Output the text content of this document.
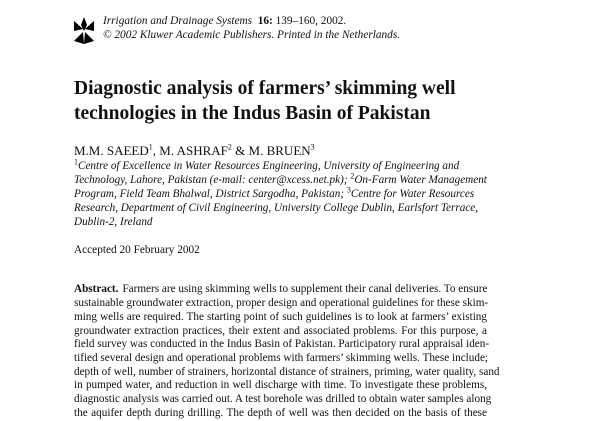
Irrigation and Drainage Systems 16: 139–160, 2002.
© 2002 Kluwer Academic Publishers. Printed in the Netherlands.
Diagnostic analysis of farmers’ skimming well
technologies in the Indus Basin of Pakistan
M.M. SAEED$^1$, M. ASHRAF$^2$ & M. BRUEN$^3$
$^1$Centre of Excellence in Water Resources Engineering, University of Engineering and Technology, Lahore, Pakistan (e-mail: center@xcess.net.pk); $^2$On-Farm Water Management Program, Field Team Bhalwal, District Sargodha, Pakistan; $^3$Centre for Water Resources Research, Department of Civil Engineering, University College Dublin, Earlsfort Terrace, Dublin-2, Ireland
Accepted 20 February 2002
Abstract. Farmers are using skimming wells to supplement their canal deliveries. To ensure
sustainable groundwater extraction, proper design and operational guidelines for these skim-
ming wells are required. The starting point of such guidelines is to look at farmers’ existing
groundwater extraction practices, their extent and associated problems. For this purpose, a
field survey was conducted in the Indus Basin of Pakistan. Participatory rural appraisal iden-
tified several design and operational problems with farmers’ skimming wells. These include;
depth of well, number of strainers, horizontal distance of strainers, priming, water quality, sand
in pumped water, and reduction in well discharge with time. To investigate these problems,
diagnostic analysis was carried out. A test borehole was drilled to obtain water samples along
the aquifer depth during drilling. The depth of well was then decided on the basis of these
